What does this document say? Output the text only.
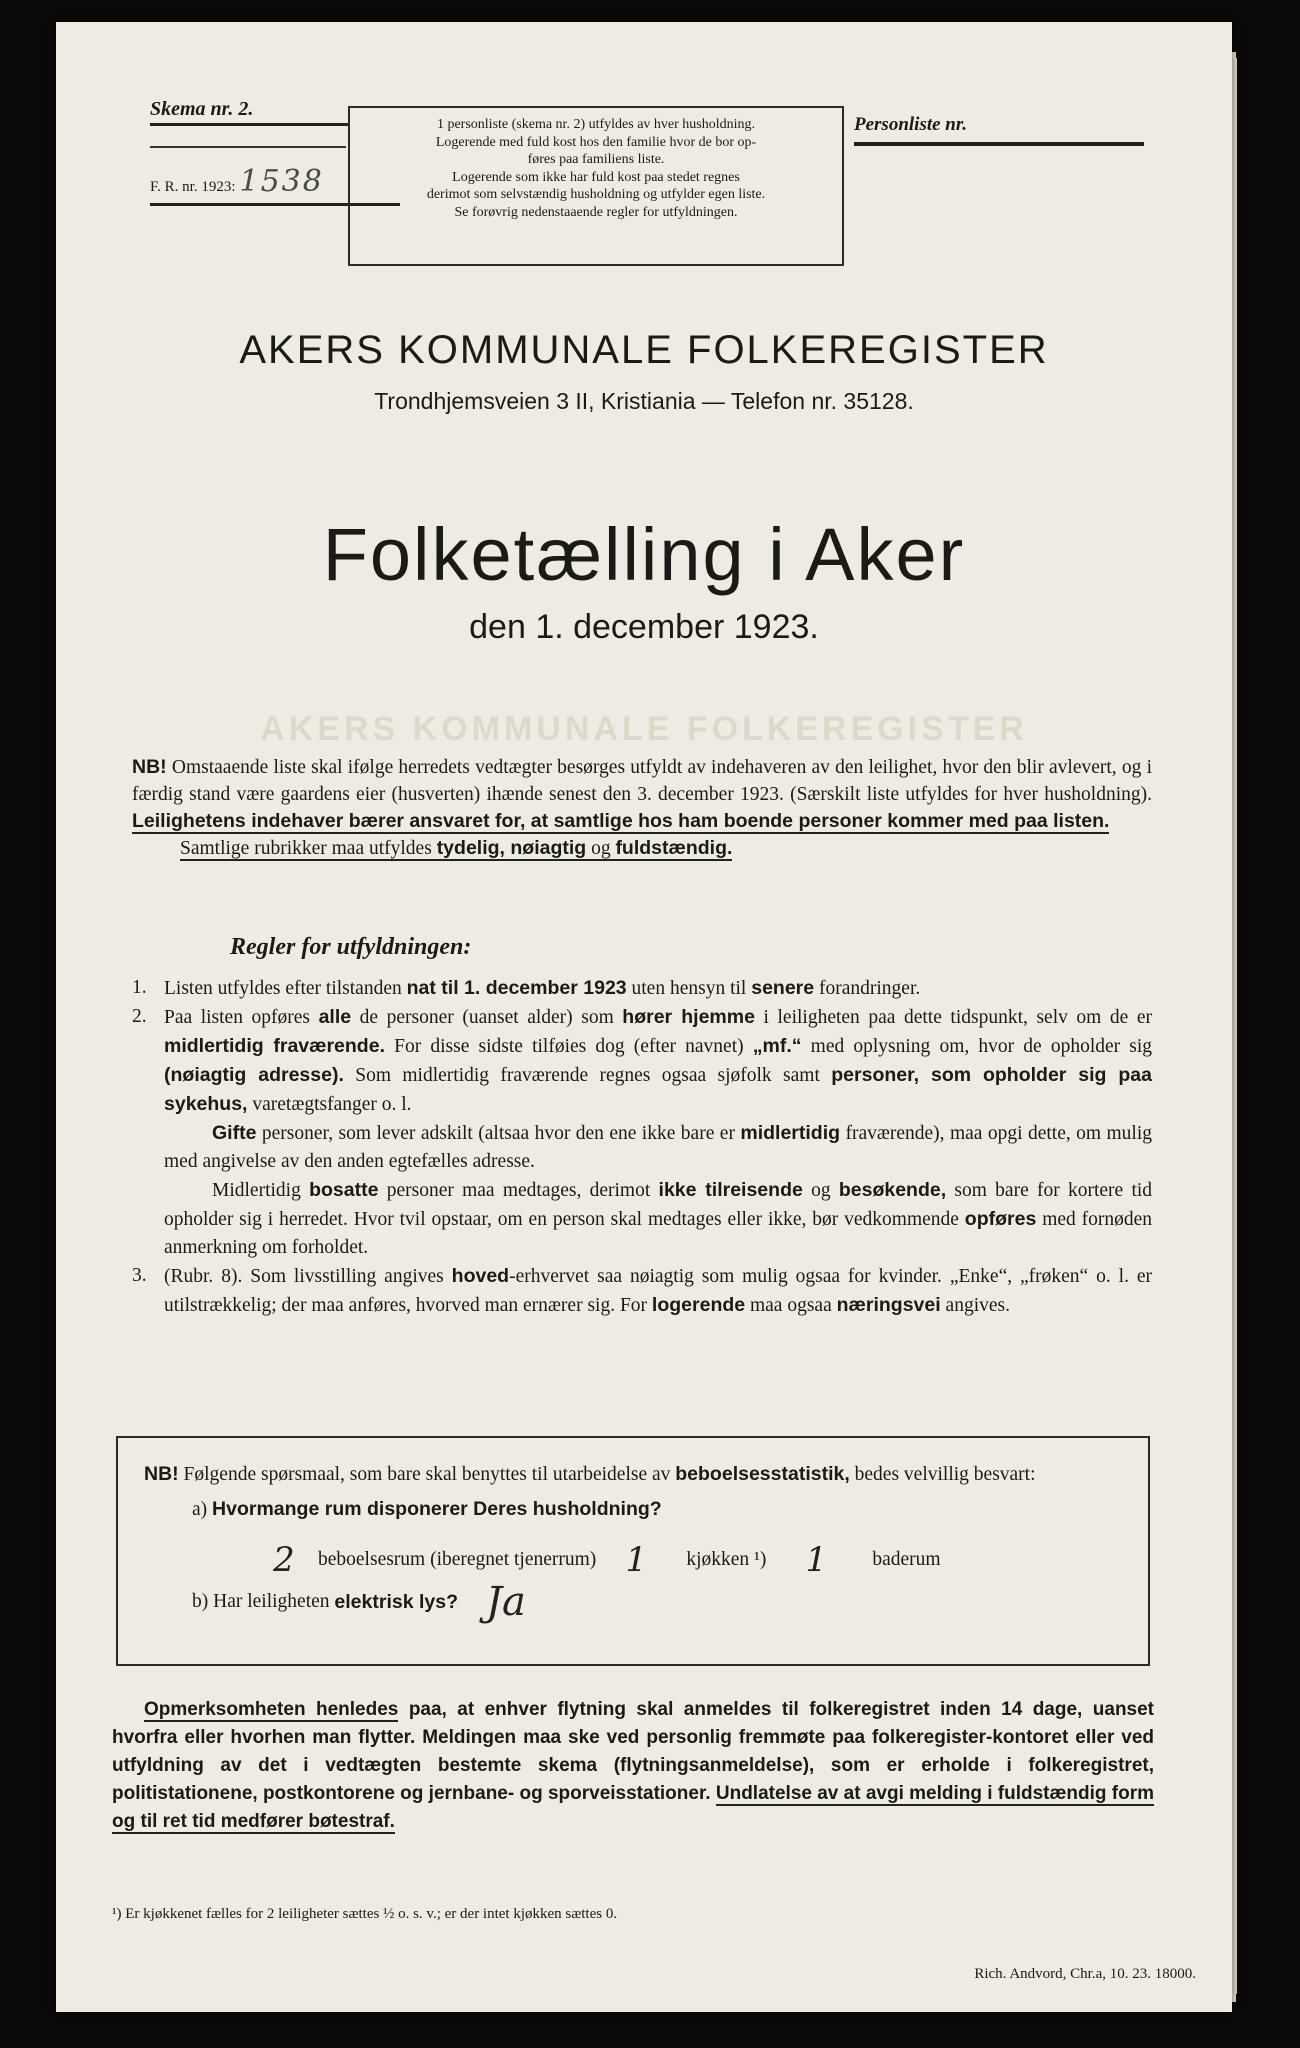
Skema nr. 2.
F. R. nr. 1923: 1538

1 personliste (skema nr. 2) utfyldes av hver husholdning.

Logerende med fuld kost hos den familie hvor de bor op-

føres paa familiens liste.

Logerende som ikke har fuld kost paa stedet regnes

derimot som selvstændig husholdning og utfylder egen liste.

Se forøvrig nedenstaaende regler for utfyldningen.

Personliste nr.
AKERS KOMMUNALE FOLKEREGISTER
Trondhjemsveien 3 II, Kristiania — Telefon nr. 35128.
Folketælling i Aker
den 1. december 1923.
AKERS KOMMUNALE FOLKEREGISTER
NB! Omstaaende liste skal ifølge herredets vedtægter besørges utfyldt av indehaveren av den leilighet, hvor den blir avlevert, og i færdig stand være gaardens eier (husverten) ihænde senest den 3. december 1923. (Særskilt liste utfyldes for hver husholdning). Leilighetens indehaver bærer ansvaret for, at samtlige hos ham boende personer kommer med paa listen.
Samtlige rubrikker maa utfyldes tydelig, nøiagtig og fuldstændig.
Regler for utfyldningen:
1. Listen utfyldes efter tilstanden nat til 1. december 1923 uten hensyn til senere forandringer.
2. Paa listen opføres alle de personer (uanset alder) som hører hjemme i leiligheten paa dette tidspunkt, selv om de er midlertidig fraværende. For disse sidste tilføies dog (efter navnet) „mf.“ med oplysning om, hvor de opholder sig (nøiagtig adresse). Som midlertidig fraværende regnes ogsaa sjøfolk samt personer, som opholder sig paa sykehus, varetægtsfanger o. l.

Gifte personer, som lever adskilt (altsaa hvor den ene ikke bare er midlertidig fraværende), maa opgi dette, om mulig med angivelse av den anden egtefælles adresse.

Midlertidig bosatte personer maa medtages, derimot ikke tilreisende og besøkende, som bare for kortere tid opholder sig i herredet. Hvor tvil opstaar, om en person skal medtages eller ikke, bør vedkommende opføres med fornøden anmerkning om forholdet.

3. (Rubr. 8). Som livsstilling angives hoved-erhvervet saa nøiagtig som mulig ogsaa for kvinder. „Enke“, „frøken“ o. l. er utilstrækkelig; der maa anføres, hvorved man ernærer sig. For logerende maa ogsaa næringsvei angives.

NB! Følgende spørsmaal, som bare skal benyttes til utarbeidelse av beboelsesstatistik, bedes velvillig besvart:

a) Hvormange rum disponerer Deres husholdning?

2	beboelsesrum (iberegnet tjenerrum) 1	kjøkken ¹)	1	baderum
b) Har leiligheten
elektrisk lys? Ja
Opmerksomheten henledes paa, at enhver flytning skal anmeldes til folkeregistret inden 14 dage, uanset hvorfra eller hvorhen man flytter. Meldingen maa ske ved personlig fremmøte paa folkeregister-kontoret eller ved utfyldning av det i vedtægten bestemte skema (flytningsanmeldelse), som er erholde i folkeregistret, politistationene, postkontorene og jernbane- og sporveisstationer. Undlatelse av at avgi melding i fuldstændig form og til ret tid medfører bøtestraf.
¹) Er kjøkkenet fælles for 2 leiligheter sættes ½ o. s. v.; er der intet kjøkken sættes 0.
Rich. Andvord, Chr.a, 10. 23. 18000.
